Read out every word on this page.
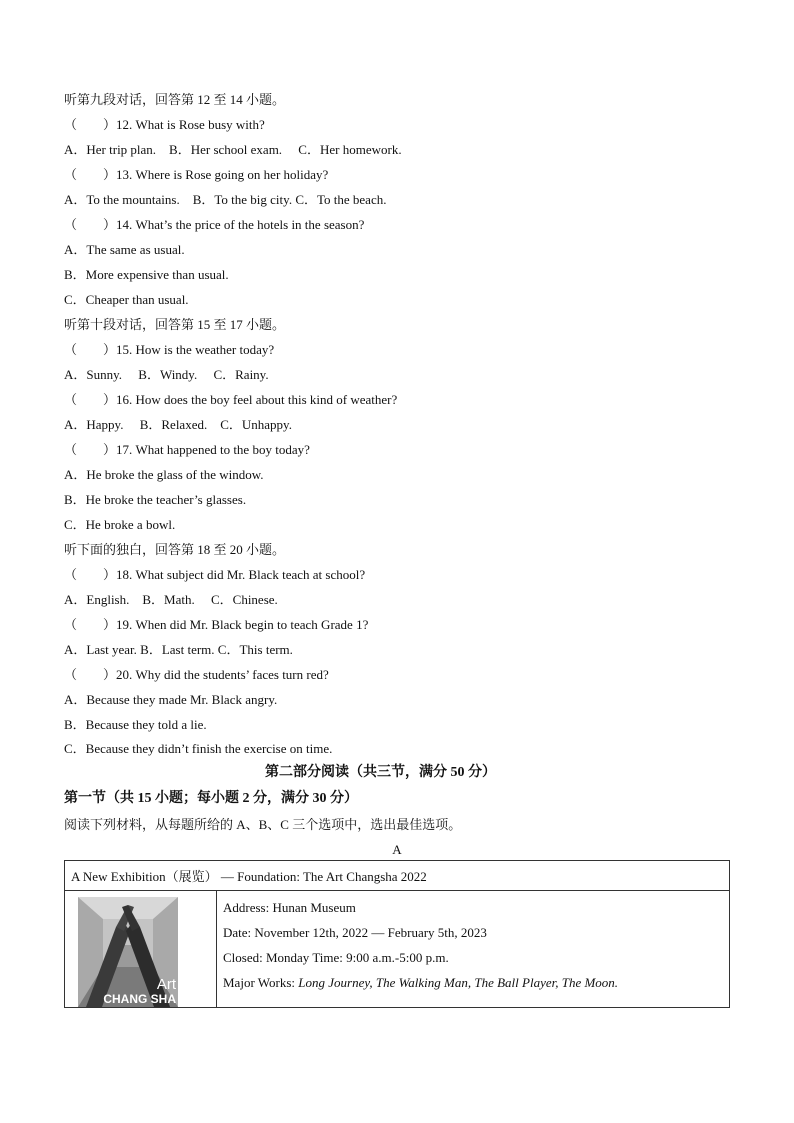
听第九段对话，回答第 12 至 14 小题。
（　　）12. What is Rose busy with?
A．Her trip plan.　B．Her school exam.　 C．Her homework.
（　　）13. Where is Rose going on her holiday?
A．To the mountains.　B．To the big city. C．To the beach.
（　　）14. What’s the price of the hotels in the season?
A．The same as usual.
B．More expensive than usual.
C．Cheaper than usual.
听第十段对话，回答第 15 至 17 小题。
（　　）15. How is the weather today?
A．Sunny.　 B．Windy.　 C．Rainy.
（　　）16. How does the boy feel about this kind of weather?
A．Happy.　 B．Relaxed.　C．Unhappy.
（　　）17. What happened to the boy today?
A．He broke the glass of the window.
B．He broke the teacher’s glasses.
C．He broke a bowl.
听下面的独白，回答第 18 至 20 小题。
（　　）18. What subject did Mr. Black teach at school?
A．English.　B．Math.　 C．Chinese.
（　　）19. When did Mr. Black begin to teach Grade 1?
A．Last year. B．Last term. C．This term.
（　　）20. Why did the students’ faces turn red?
A．Because they made Mr. Black angry.
B．Because they told a lie.
C．Because they didn’t finish the exercise on time.
第二部分阅读（共三节，满分 50 分）
第一节（共 15 小题；每小题 2 分，满分 30 分）
阅读下列材料，从每题所给的 A、B、C 三个选项中，选出最佳选项。
A
A New Exhibition（展览） — Foundation: The Art Changsha 2022

Art
CHANG SHA

Address: Hunan Museum
Date: November 12th, 2022 — February 5th, 2023
Closed: Monday Time: 9:00 a.m.-5:00 p.m.
Major Works: Long Journey, The Walking Man, The Ball Player, The Moon.
